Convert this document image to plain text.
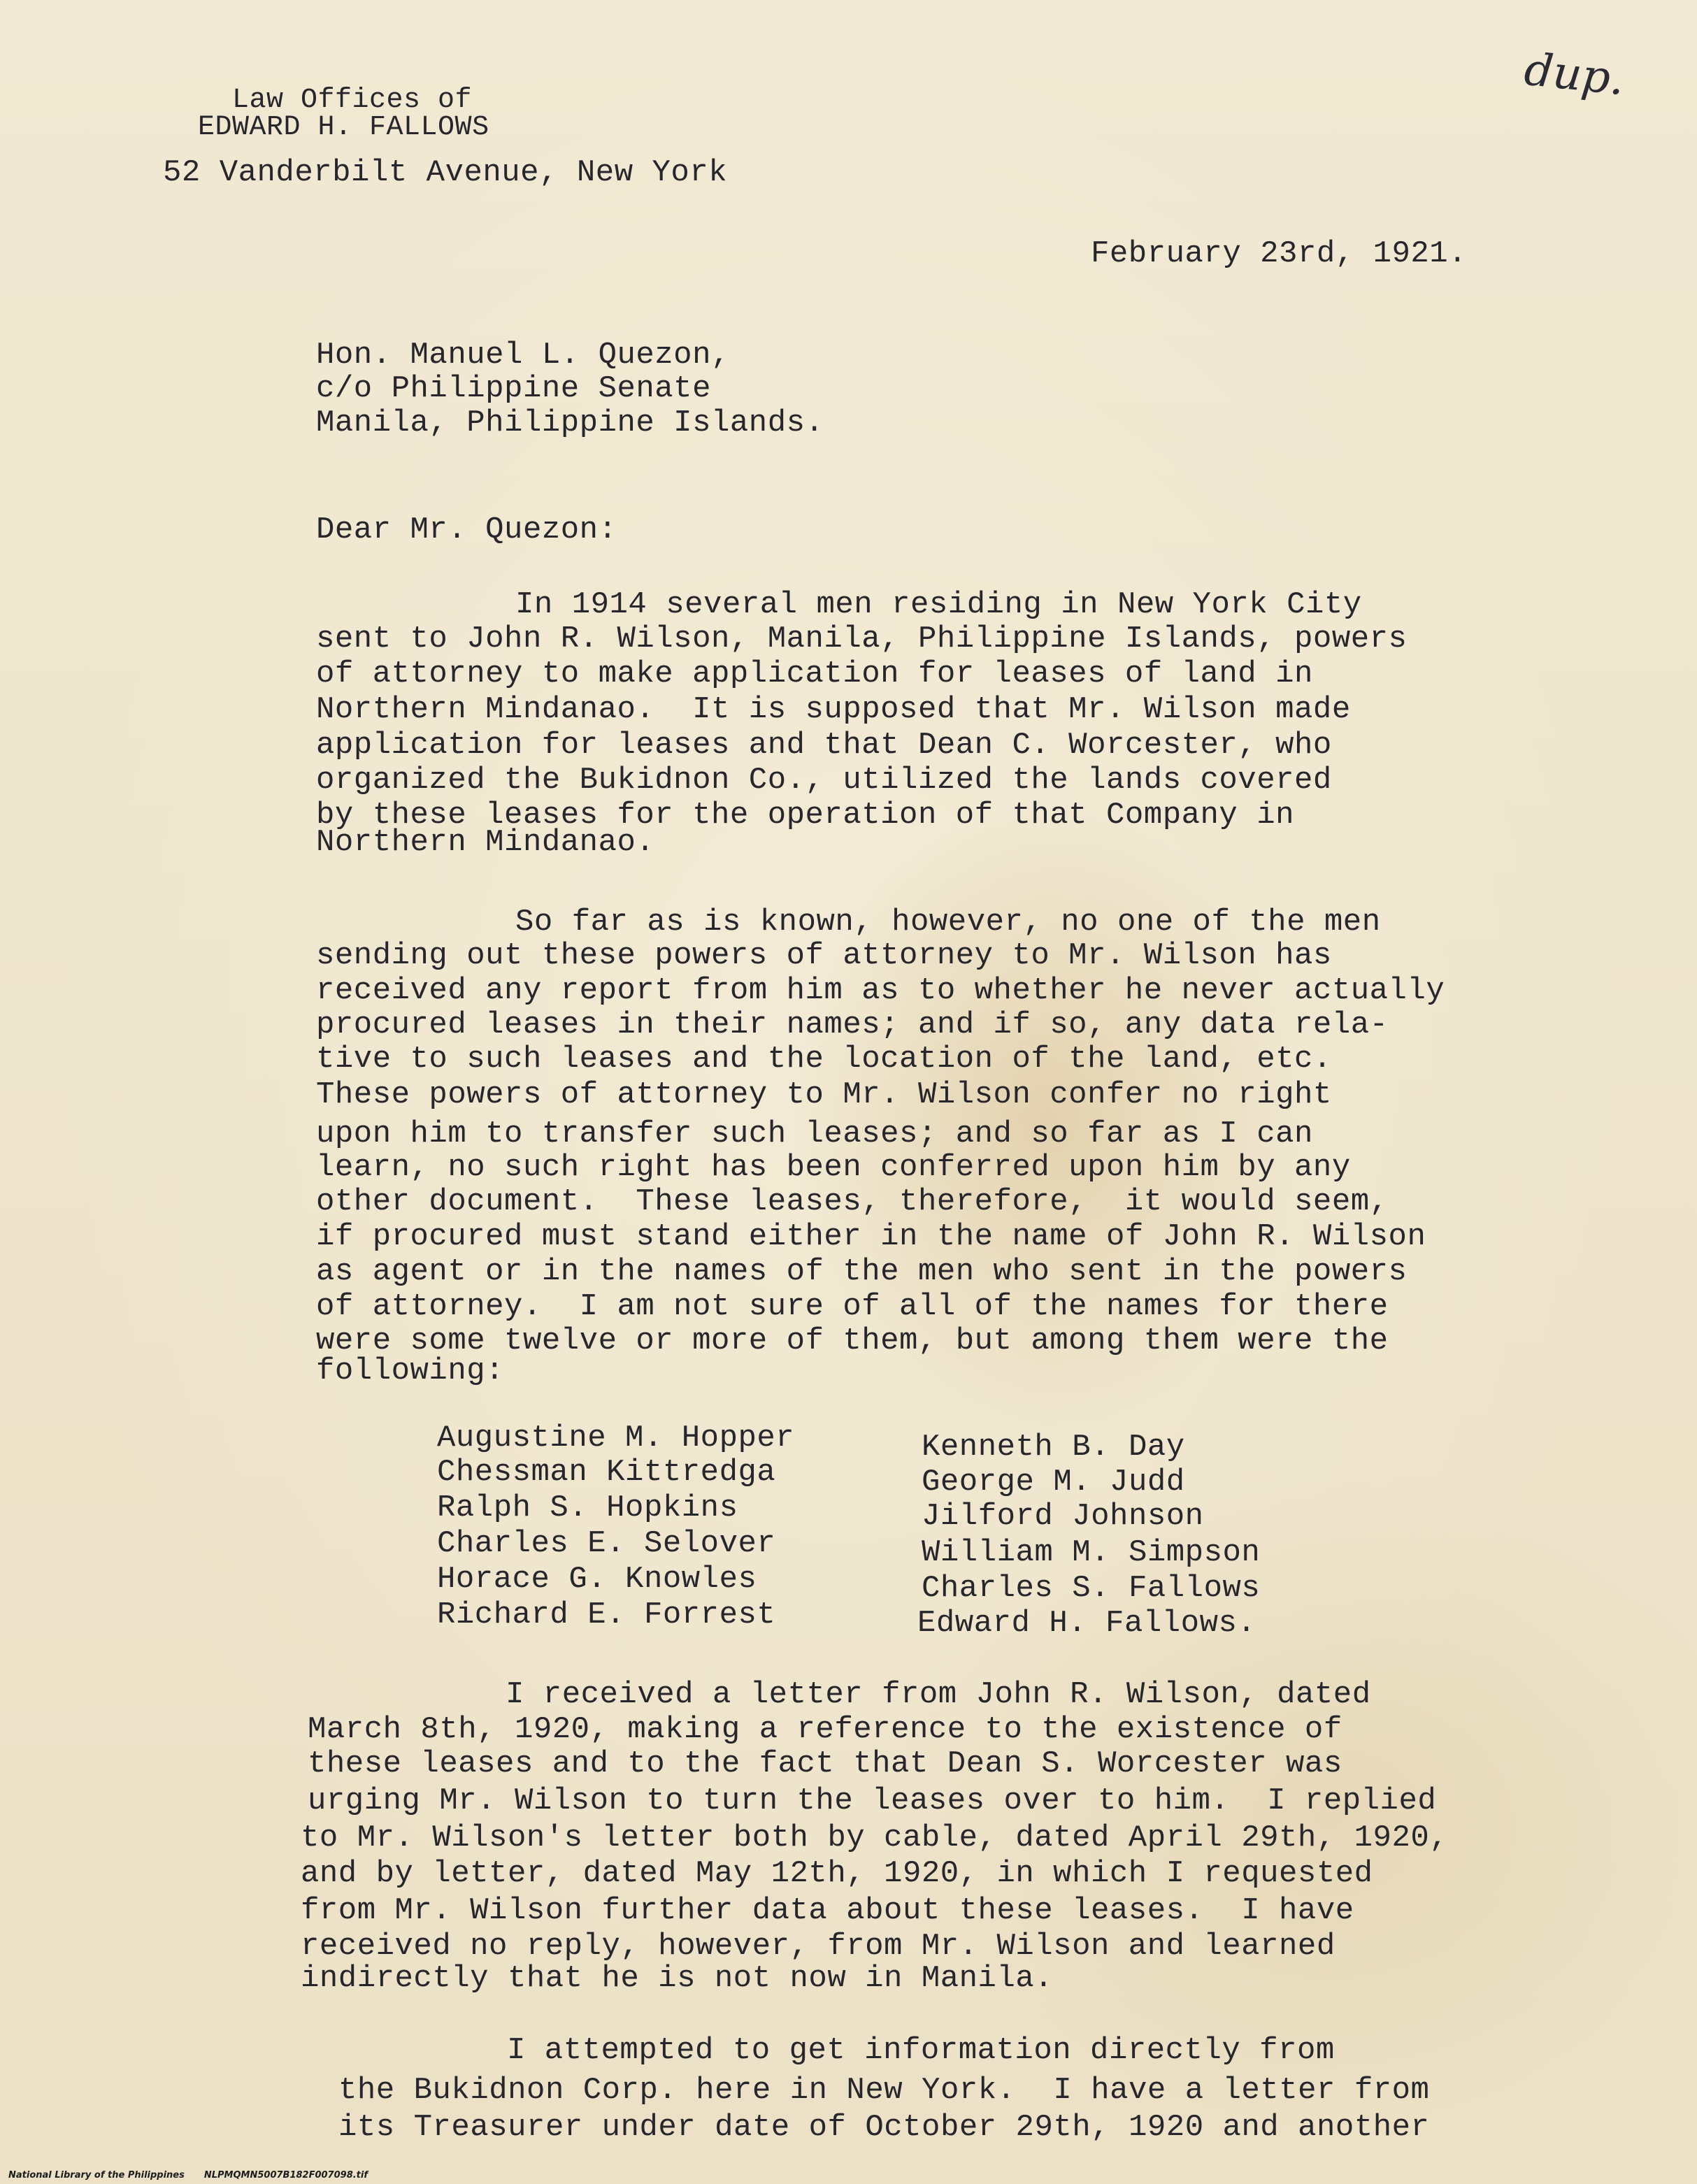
dup.
Law Offices of
EDWARD H. FALLOWS
52 Vanderbilt Avenue, New York
February 23rd, 1921.
Hon. Manuel L. Quezon,
c/o Philippine Senate
Manila, Philippine Islands.
Dear Mr. Quezon:
In 1914 several men residing in New York City
sent to John R. Wilson, Manila, Philippine Islands, powers
of attorney to make application for leases of land in
Northern Mindanao.  It is supposed that Mr. Wilson made
application for leases and that Dean C. Worcester, who
organized the Bukidnon Co., utilized the lands covered
by these leases for the operation of that Company in
Northern Mindanao.
So far as is known, however, no one of the men
sending out these powers of attorney to Mr. Wilson has
received any report from him as to whether he never actually
procured leases in their names; and if so, any data rela-
tive to such leases and the location of the land, etc.
These powers of attorney to Mr. Wilson confer no right
upon him to transfer such leases; and so far as I can
learn, no such right has been conferred upon him by any
other document.  These leases, therefore,  it would seem,
if procured must stand either in the name of John R. Wilson
as agent or in the names of the men who sent in the powers
of attorney.  I am not sure of all of the names for there
were some twelve or more of them, but among them were the
following:
Augustine M. Hopper
Chessman Kittredga
Ralph S. Hopkins
Charles E. Selover
Horace G. Knowles
Richard E. Forrest
Kenneth B. Day
George M. Judd
Jilford Johnson
William M. Simpson
Charles S. Fallows
Edward H. Fallows.
I received a letter from John R. Wilson, dated
March 8th, 1920, making a reference to the existence of
these leases and to the fact that Dean S. Worcester was
urging Mr. Wilson to turn the leases over to him.  I replied
to Mr. Wilson's letter both by cable, dated April 29th, 1920,
and by letter, dated May 12th, 1920, in which I requested
from Mr. Wilson further data about these leases.  I have
received no reply, however, from Mr. Wilson and learned
indirectly that he is not now in Manila.
I attempted to get information directly from
the Bukidnon Corp. here in New York.  I have a letter from
its Treasurer under date of October 29th, 1920 and another
National Library of the Philippines NLPMQMN5007B182F007098.tif
